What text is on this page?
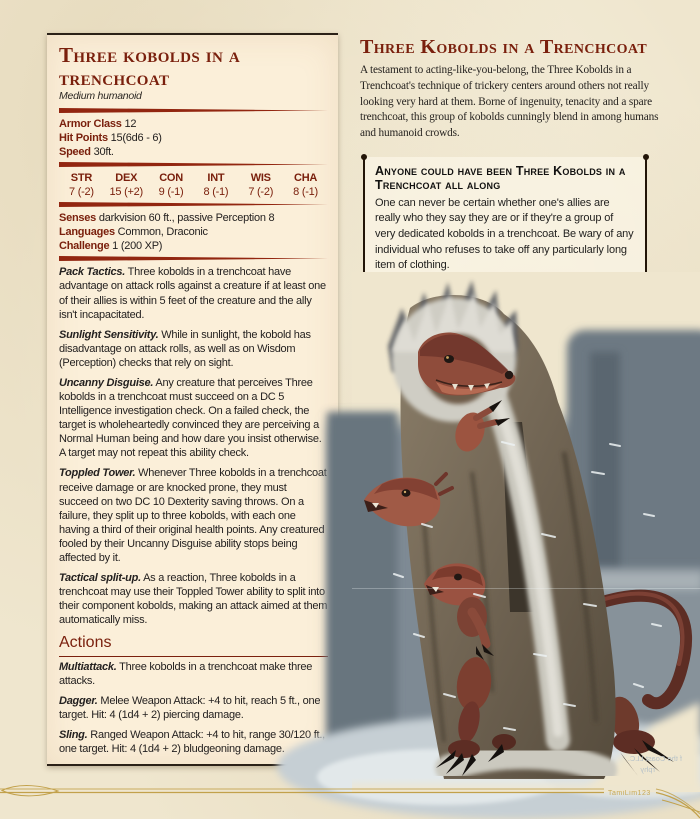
Three kobolds in a trenchcoat
Medium humanoid
Armor Class 12
Hit Points 15(6d6 - 6)
Speed 30ft.
STR	DEX	CON	INT	WIS	CHA
7 (-2)	15 (+2)	9 (-1)	8 (-1)	7 (-2)	8 (-1)
Senses darkvision 60 ft., passive Perception 8
Languages Common, Draconic
Challenge 1 (200 XP)

Pack Tactics. Three kobolds in a trenchcoat have advantage on attack rolls against a creature if at least one of their allies is within 5 feet of the creature and the ally isn't incapacitated.

Sunlight Sensitivity. While in sunlight, the kobold has disadvantage on attack rolls, as well as on Wisdom (Perception) checks that rely on sight.

Uncanny Disguise. Any creature that perceives Three kobolds in a trenchcoat must succeed on a DC 5 Intelligence investigation check. On a failed check, the target is wholeheartedly convinced they are perceiving a Normal Human being and how dare you insist otherwise. A target may not repeat this ability check.

Toppled Tower. Whenever Three kobolds in a trenchcoat receive damage or are knocked prone, they must succeed on two DC 10 Dexterity saving throws. On a failure, they split up to three kobolds, with each one having a third of their original health points. Any creatured fooled by their Uncanny Disguise ability stops being affected by it.

Tactical split-up. As a reaction, Three kobolds in a trenchcoat may use their Toppled Tower ability to split into their component kobolds, making an attack aimed at them automatically miss.

Actions

Multiattack. Three kobolds in a trenchcoat make three attacks.

Dagger. Melee Weapon Attack: +4 to hit, reach 5 ft., one target. Hit: 4 (1d4 + 2) piercing damage.

Sling. Ranged Weapon Attack: +4 to hit, range 30/120 ft., one target. Hit: 4 (1d4 + 2) bludgeoning damage.

Three Kobolds in a Trenchcoat
A testament to acting-like-you-belong, the Three Kobolds in a Trenchcoat's technique of trickery centers around others not really looking very hard at them. Borne of ingenuity, tenacity and a spare trenchcoat, this group of kobolds cunningly blend in among humans and humanoid crowds.
Anyone could have been Three Kobolds in a Trenchcoat all along
One can never be certain whether one's allies are really who they say they are or if they're a group of very dedicated kobolds in a trenchcoat. Be wary of any individual who refuses to take off any particularly long item of clothing.
f the Coast LLC.
rphy
TamiLim123
